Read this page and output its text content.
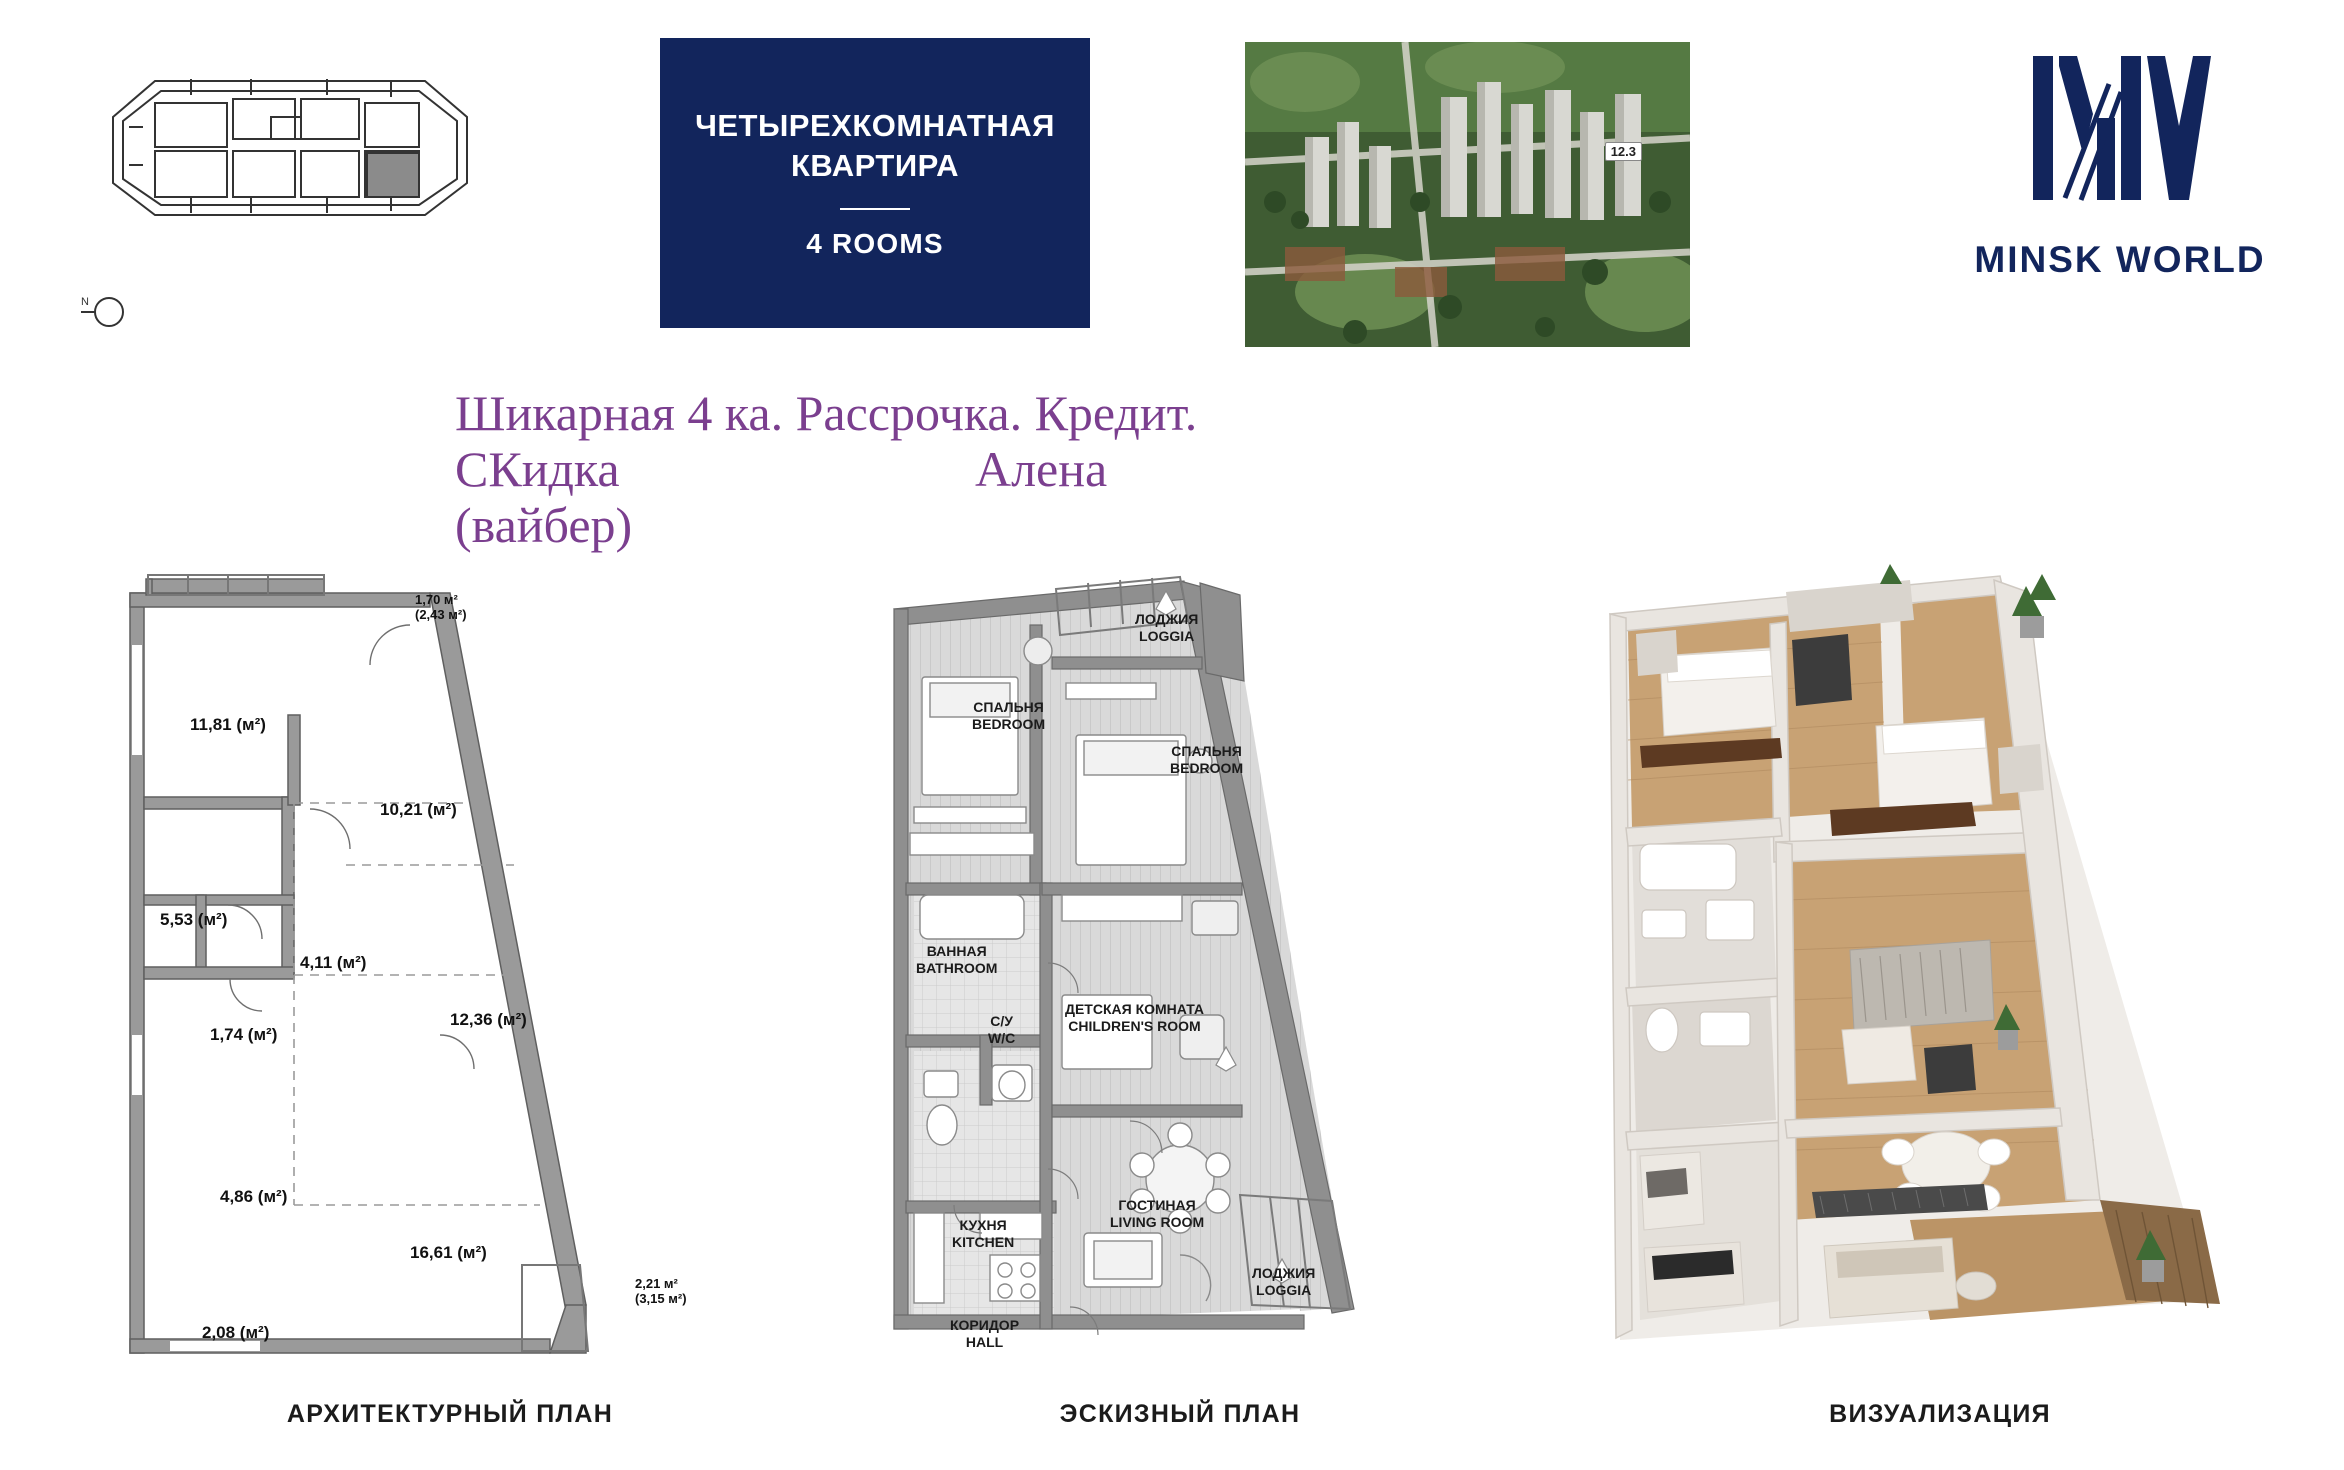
N
ЧЕТЫРЕХКОМНАТНАЯ
КВАРТИРА
4 ROOMS
12.3
MINSK WORLD
Шикарная 4 ка. Рассрочка. Кредит.
СКидка	Алена
(вайбер)
11,81 (м²)
10,21 (м²)
5,53 (м²)
4,11 (м²)
1,74 (м²)
12,36 (м²)
4,86 (м²)
16,61 (м²)
2,08 (м²)
1,70 м²
(2,43 м²)
2,21 м²
(3,15 м²)
АРХИТЕКТУРНЫЙ ПЛАН
ЛОДЖИЯ
LOGGIA
СПАЛЬНЯ
BEDROOM
СПАЛЬНЯ
BEDROOM
ВАННАЯ
BATHROOM
С/У
W/C
ДЕТСКАЯ КОМНАТА
CHILDREN'S ROOM
ГОСТИНАЯ
LIVING ROOM
КУХНЯ
KITCHEN
ЛОДЖИЯ
LOGGIA
КОРИДОР
HALL
ЭСКИЗНЫЙ ПЛАН	ВИЗУАЛИЗАЦИЯ
